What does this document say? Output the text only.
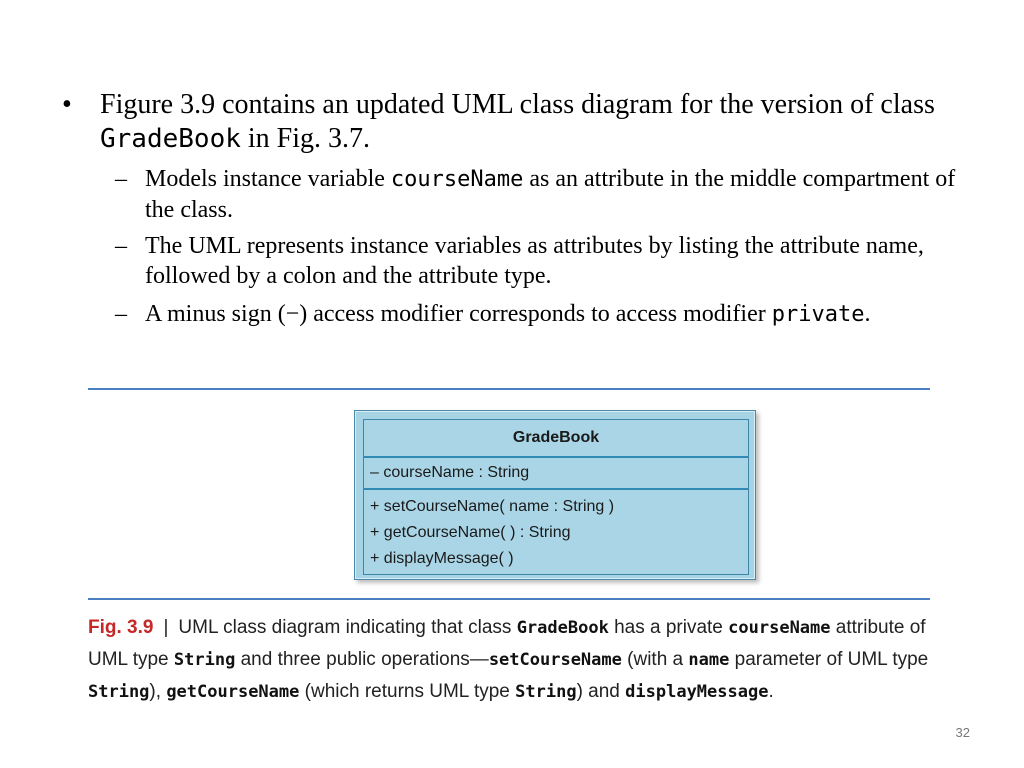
• Figure 3.9 contains an updated UML class diagram for the version of class GradeBook in Fig. 3.7.
– Models instance variable courseName as an attribute in the middle compartment of the class.
– The UML represents instance variables as attributes by listing the attribute name, followed by a colon and the attribute type.
– A minus sign (−) access modifier corresponds to access modifier private.
GradeBook
– courseName : String
+ setCourseName( name : String )
+ getCourseName( ) : String
+ displayMessage( )
Fig. 3.9 | UML class diagram indicating that class GradeBook has a private courseName attribute of UML type String and three public operations—setCourseName (with a name parameter of UML type String), getCourseName (which returns UML type String) and displayMessage.
32
